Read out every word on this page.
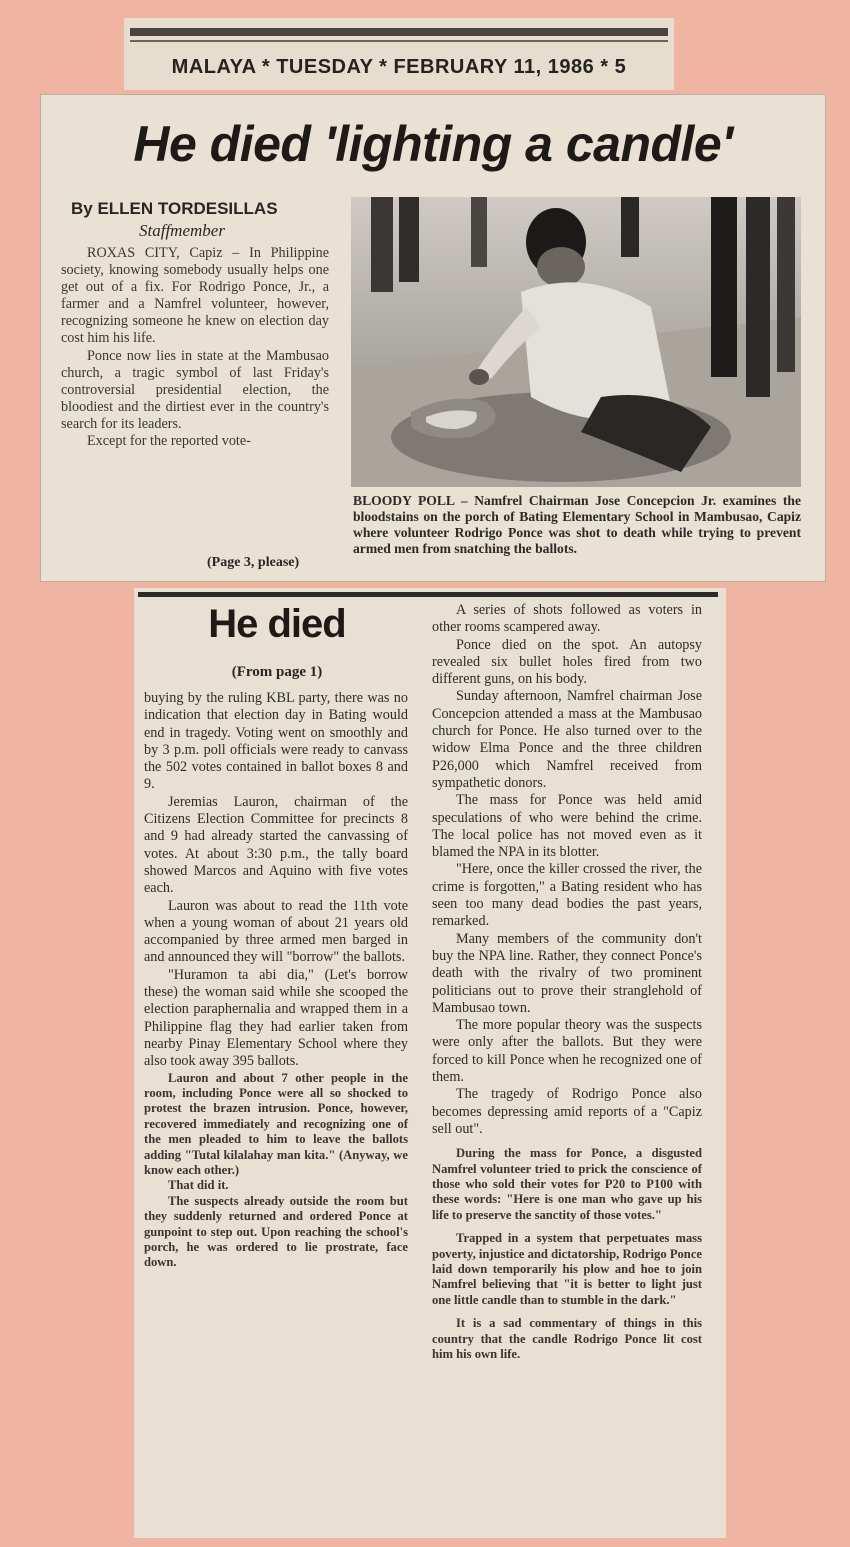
MALAYA * TUESDAY * FEBRUARY 11, 1986 * 5
He died 'lighting a candle'
By ELLEN TORDESILLAS
Staffmember

ROXAS CITY, Capiz – In Philippine society, knowing somebody usually helps one get out of a fix. For Rodrigo Ponce, Jr., a farmer and a Namfrel volunteer, however, recognizing someone he knew on election day cost him his life.

Ponce now lies in state at the Mambusao church, a tragic symbol of last Friday's controversial presidential election, the bloodiest and the dirtiest ever in the country's search for its leaders.

Except for the reported vote-

(Page 3, please)
BLOODY POLL – Namfrel Chairman Jose Concepcion Jr. examines the bloodstains on the porch of Bating Elementary School in Mambusao, Capiz where volunteer Rodrigo Ponce was shot to death while trying to prevent armed men from snatching the ballots.
He died
(From page 1)

buying by the ruling KBL party, there was no indication that election day in Bating would end in tragedy. Voting went on smoothly and by 3 p.m. poll officials were ready to canvass the 502 votes contained in ballot boxes 8 and 9.

Jeremias Lauron, chairman of the Citizens Election Committee for precincts 8 and 9 had already started the canvassing of votes. At about 3:30 p.m., the tally board showed Marcos and Aquino with five votes each.

Lauron was about to read the 11th vote when a young woman of about 21 years old accompanied by three armed men barged in and announced they will "borrow" the ballots.

"Huramon ta abi dia," (Let's borrow these) the woman said while she scooped the election paraphernalia and wrapped them in a Philippine flag they had earlier taken from nearby Pinay Elementary School where they also took away 395 ballots.

Lauron and about 7 other people in the room, including Ponce were all so shocked to protest the brazen intrusion. Ponce, however, recovered immediately and recognizing one of the men pleaded to him to leave the ballots adding "Tutal kilalahay man kita." (Anyway, we know each other.)

That did it.

The suspects already outside the room but they suddenly returned and ordered Ponce at gunpoint to step out. Upon reaching the school's porch, he was ordered to lie prostrate, face down.

A series of shots followed as voters in other rooms scampered away.

Ponce died on the spot. An autopsy revealed six bullet holes fired from two different guns, on his body.

Sunday afternoon, Namfrel chairman Jose Concepcion attended a mass at the Mambusao church for Ponce. He also turned over to the widow Elma Ponce and the three children P26,000 which Namfrel received from sympathetic donors.

The mass for Ponce was held amid speculations of who were behind the crime. The local police has not moved even as it blamed the NPA in its blotter.

"Here, once the killer crossed the river, the crime is forgotten," a Bating resident who has seen too many dead bodies the past years, remarked.

Many members of the community don't buy the NPA line. Rather, they connect Ponce's death with the rivalry of two prominent politicians out to prove their stranglehold of Mambusao town.

The more popular theory was the suspects were only after the ballots. But they were forced to kill Ponce when he recognized one of them.

The tragedy of Rodrigo Ponce also becomes depressing amid reports of a "Capiz sell out".

During the mass for Ponce, a disgusted Namfrel volunteer tried to prick the conscience of those who sold their votes for P20 to P100 with these words: "Here is one man who gave up his life to preserve the sanctity of those votes."

Trapped in a system that perpetuates mass poverty, injustice and dictatorship, Rodrigo Ponce laid down temporarily his plow and hoe to join Namfrel believing that "it is better to light just one little candle than to stumble in the dark."

It is a sad commentary of things in this country that the candle Rodrigo Ponce lit cost him his own life.
